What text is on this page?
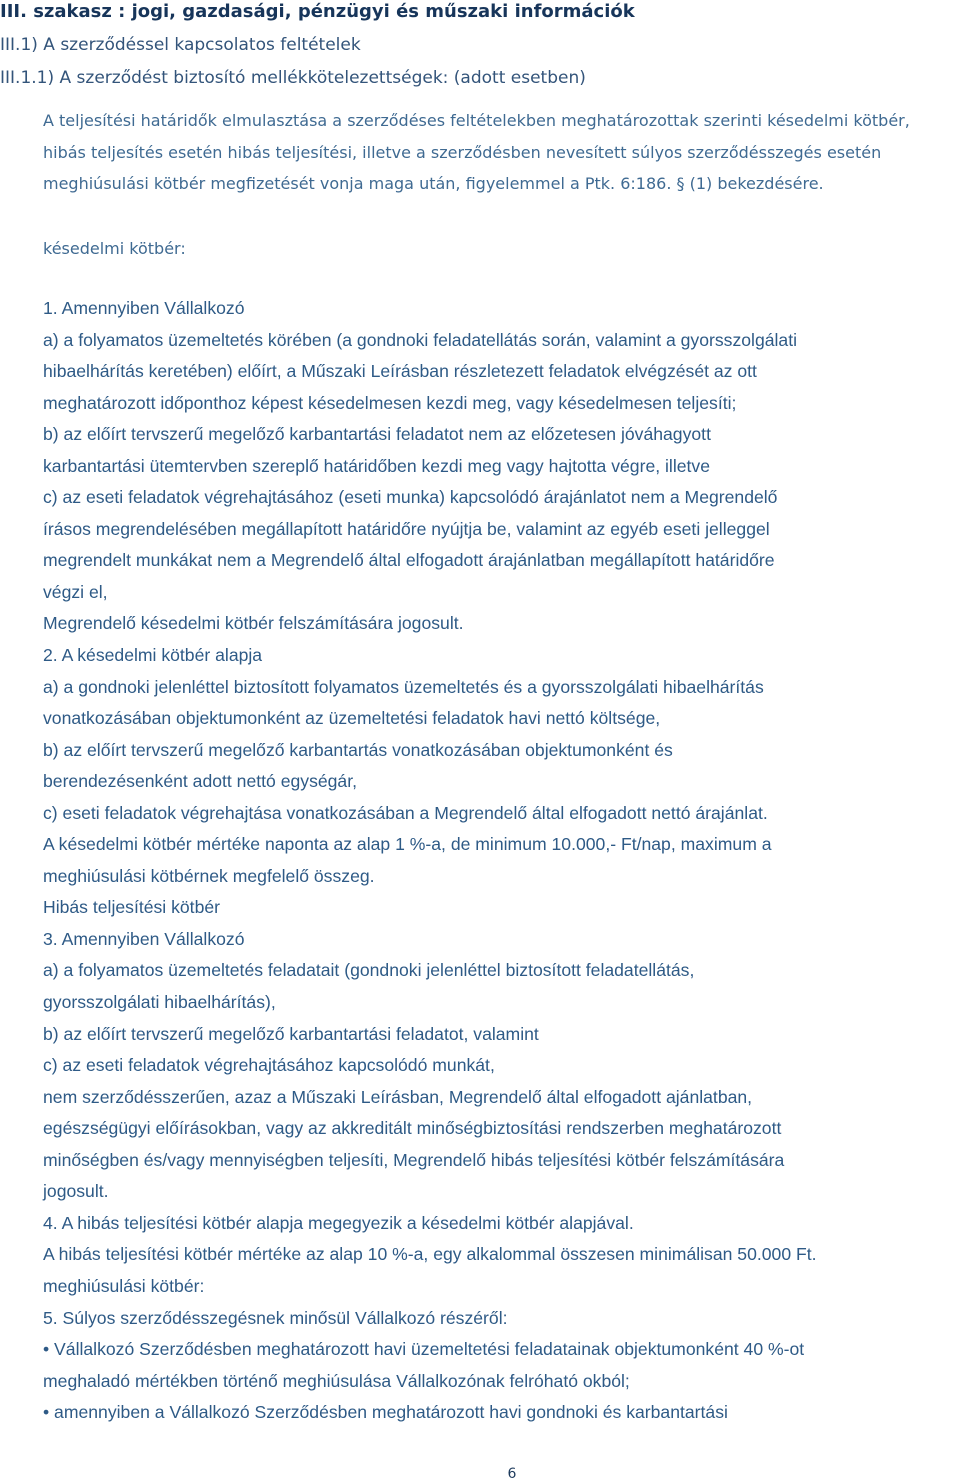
III. szakasz : jogi, gazdasági, pénzügyi és műszaki információk
III.1) A szerződéssel kapcsolatos feltételek
III.1.1) A szerződést biztosító mellékkötelezettségek: (adott esetben)

A teljesítési határidők elmulasztása a szerződéses feltételekben meghatározottak szerinti késedelmi kötbér, hibás teljesítés esetén hibás teljesítési, illetve a szerződésben nevesített súlyos szerződésszegés esetén meghiúsulási kötbér megfizetését vonja maga után, figyelemmel a Ptk. 6:186. § (1) bekezdésére.

késedelmi kötbér:

1. Amennyiben Vállalkozó

a) a folyamatos üzemeltetés körében (a gondnoki feladatellátás során, valamint a gyorsszolgálati

hibaelhárítás keretében) előírt, a Műszaki Leírásban részletezett feladatok elvégzését az ott

meghatározott időponthoz képest késedelmesen kezdi meg, vagy késedelmesen teljesíti;

b) az előírt tervszerű megelőző karbantartási feladatot nem az előzetesen jóváhagyott

karbantartási ütemtervben szereplő határidőben kezdi meg vagy hajtotta végre, illetve

c) az eseti feladatok végrehajtásához (eseti munka) kapcsolódó árajánlatot nem a Megrendelő

írásos megrendelésében megállapított határidőre nyújtja be, valamint az egyéb eseti jelleggel

megrendelt munkákat nem a Megrendelő által elfogadott árajánlatban megállapított határidőre

végzi el,

Megrendelő késedelmi kötbér felszámítására jogosult.

2. A késedelmi kötbér alapja

a) a gondnoki jelenléttel biztosított folyamatos üzemeltetés és a gyorsszolgálati hibaelhárítás

vonatkozásában objektumonként az üzemeltetési feladatok havi nettó költsége,

b) az előírt tervszerű megelőző karbantartás vonatkozásában objektumonként és

berendezésenként adott nettó egységár,

c) eseti feladatok végrehajtása vonatkozásában a Megrendelő által elfogadott nettó árajánlat.

A késedelmi kötbér mértéke naponta az alap 1 %-a, de minimum 10.000,- Ft/nap, maximum a

meghiúsulási kötbérnek megfelelő összeg.

Hibás teljesítési kötbér

3. Amennyiben Vállalkozó

a) a folyamatos üzemeltetés feladatait (gondnoki jelenléttel biztosított feladatellátás,

gyorsszolgálati hibaelhárítás),

b) az előírt tervszerű megelőző karbantartási feladatot, valamint

c) az eseti feladatok végrehajtásához kapcsolódó munkát,

nem szerződésszerűen, azaz a Műszaki Leírásban, Megrendelő által elfogadott ajánlatban,

egészségügyi előírásokban, vagy az akkreditált minőségbiztosítási rendszerben meghatározott

minőségben és/vagy mennyiségben teljesíti, Megrendelő hibás teljesítési kötbér felszámítására

jogosult.

4. A hibás teljesítési kötbér alapja megegyezik a késedelmi kötbér alapjával.

A hibás teljesítési kötbér mértéke az alap 10 %-a, egy alkalommal összesen minimálisan 50.000 Ft.

meghiúsulási kötbér:

5. Súlyos szerződésszegésnek minősül Vállalkozó részéről:

• Vállalkozó Szerződésben meghatározott havi üzemeltetési feladatainak objektumonként 40 %-ot

meghaladó mértékben történő meghiúsulása Vállalkozónak felróható okból;

• amennyiben a Vállalkozó Szerződésben meghatározott havi gondnoki és karbantartási

6
